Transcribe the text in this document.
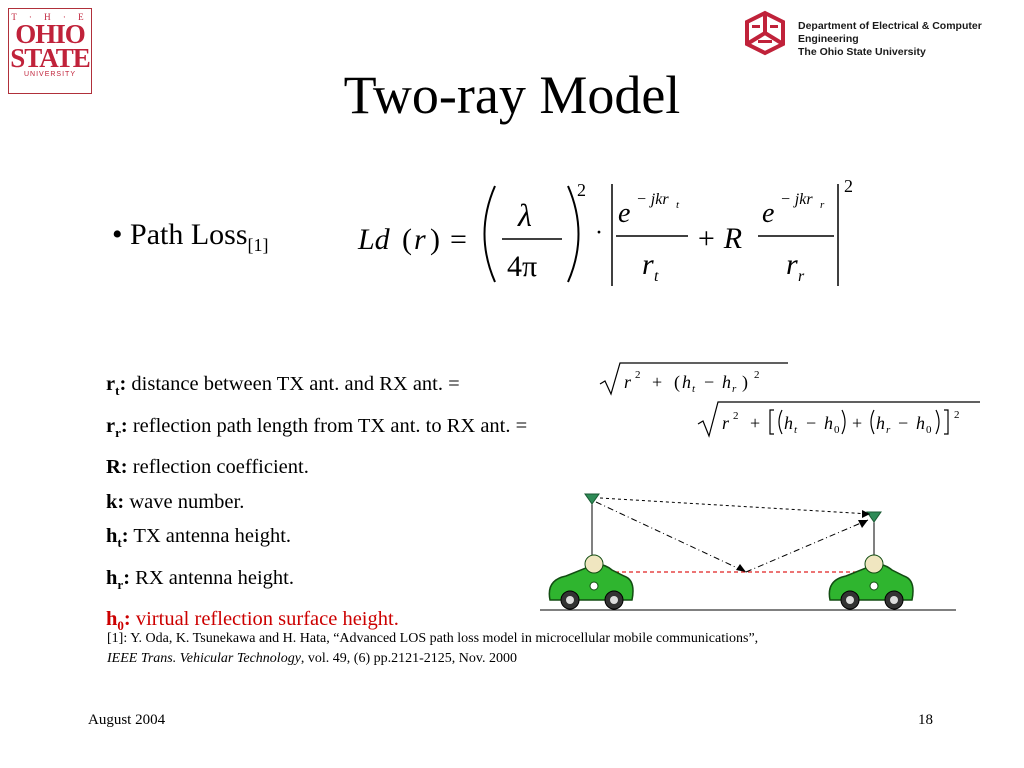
T · H · E
OHIO
STATE
UNIVERSITY
Department of Electrical & Computer Engineering
The Ohio State University
Two-ray Model
• Path Loss$_{[1]}$	Ld ( r ) =
λ
4π
2
·
e − jkr t
r t
+ R
e − jkr r
r r
2
$r_t$: distance between TX ant. and RX ant. =
$r_r$: reflection path length from TX ant. to RX ant. =
R: reflection coefficient.
k: wave number.
$h_t$: TX antenna height.
$h_r$: RX antenna height.
$h_0$: virtual reflection surface height.
r 2 + ( h t − h r ) 2
r 2 + h t − h 0 + h r − h 0
2
[1]: Y. Oda, K. Tsunekawa and H. Hata, “Advanced LOS path loss model in microcellular mobile communications”,
IEEE Trans. Vehicular Technology, vol. 49, (6) pp.2121-2125, Nov. 2000
August 2004	18
